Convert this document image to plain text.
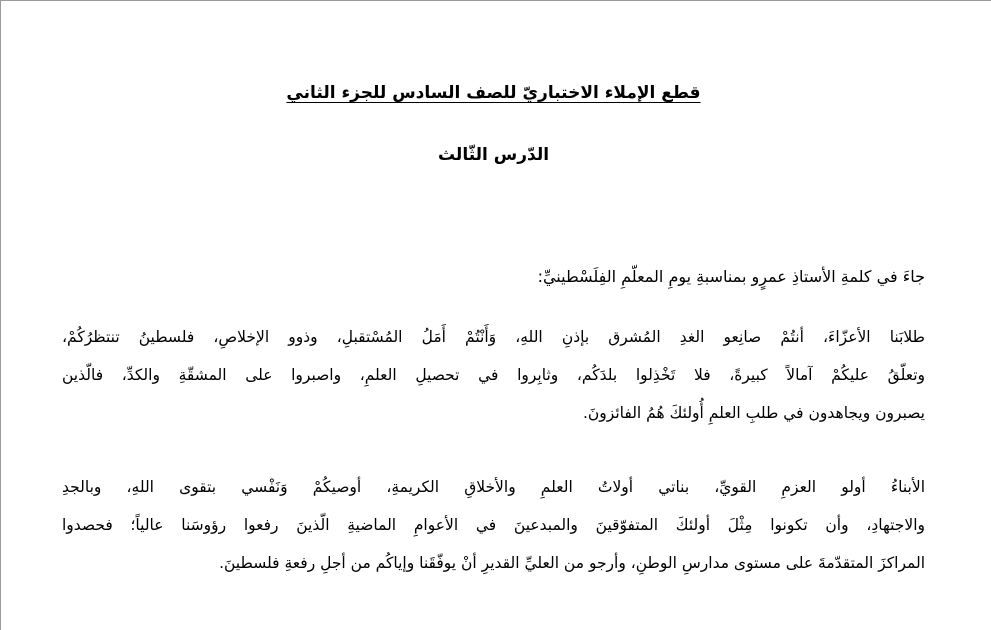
قطع الإملاء الاختباريّ للصف السادس للجزء الثاني
الدّرس الثّالث
جاءَ في كلمةِ الأستاذِ عمرٍو بمناسبةِ يومِ المعلّمِ الفِلَسْطينيِّ:
طلابَنا الأعزّاءَ، أنتُمْ صانِعو الغدِ المُشرق بإذنِ اللهِ، وَأَنْتُمْ أَمَلُ المُسْتقبلِ، وذوو الإخلاصِ، فلسطينُ تنتظرُكُمْ،
وتعلّقُ عليكُمْ آمالاً كبيرةً، فلا تَخْذِلوا بلدَكُم، وثابِروا في تحصيلِ العلمِ، واصبروا على المشقّةِ والكدِّ، فالّذين
يصبرون ويجاهدون في طلبِ العلمِ أُولئكَ هُمُ الفائزونَ.
الأبناءُ أولو العزمِ القويِّ، بناتي أولاتُ العلمِ والأخلاقِ الكريمةِ، أوصيكُمْ وَنَفْسي بتقوى اللهِ، وبالجدِ
والاجتهادِ، وأن تكونوا مِثْلَ أولئكَ المتفوّقينَ والمبدعينَ في الأعوامِ الماضيةِ الّذينَ رفعوا رؤوسَنا عالياً؛ فحصدوا
المراكزَ المتقدّمةَ على مستوى مدارسِ الوطنِ، وأرجو من العليِّ القديرِ أنْ يوفّقَنا وإياكُم من أجلِ رفعةِ فلسطينَ.
